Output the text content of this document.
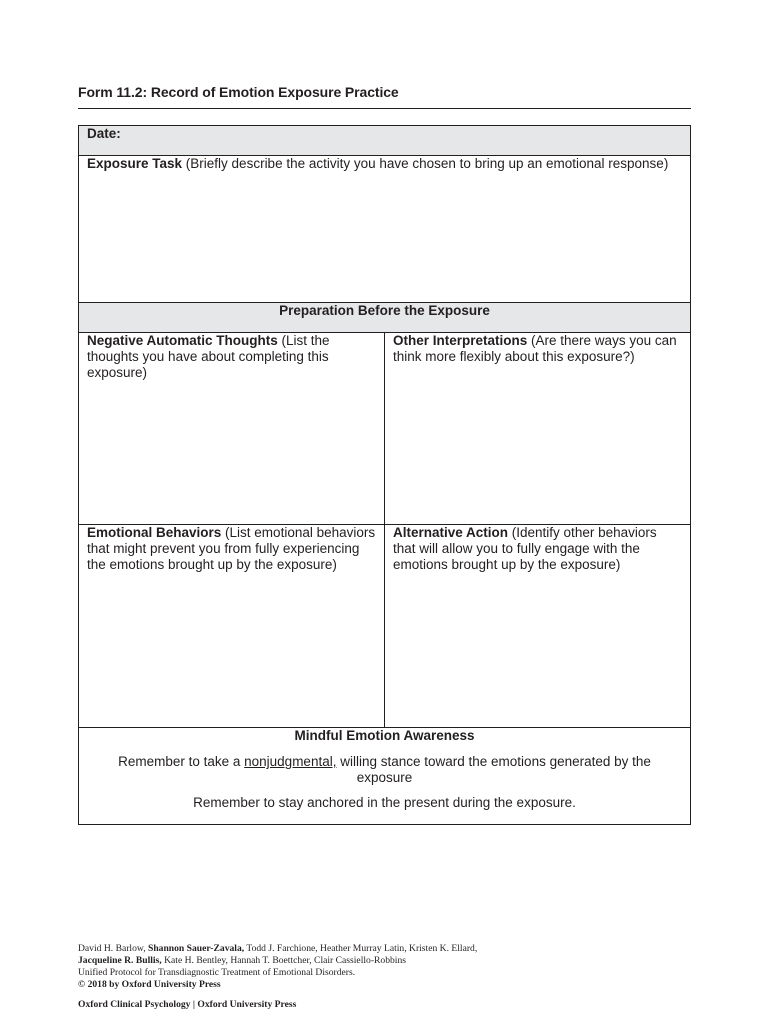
Form 11.2: Record of Emotion Exposure Practice
Date:	
Exposure Task (Briefly describe the activity you have chosen to bring up an emotional response)	
Preparation Before the Exposure	
Negative Automatic Thoughts (List the thoughts you have about completing this exposure)	Other Interpretations (Are there ways you can think more flexibly about this exposure?)
Emotional Behaviors (List emotional behaviors that might prevent you from fully experiencing the emotions brought up by the exposure)	Alternative Action (Identify other behaviors that will allow you to fully engage with the emotions brought up by the exposure)
Mindful Emotion Awareness
Remember to take a nonjudgmental, willing stance toward the emotions generated by the exposure
Remember to stay anchored in the present during the exposure.	
David H. Barlow, Shannon Sauer-Zavala, Todd J. Farchione, Heather Murray Latin, Kristen K. Ellard,
Jacqueline R. Bullis, Kate H. Bentley, Hannah T. Boettcher, Clair Cassiello-Robbins
Unified Protocol for Transdiagnostic Treatment of Emotional Disorders.
© 2018 by Oxford University Press
Oxford Clinical Psychology | Oxford University Press
